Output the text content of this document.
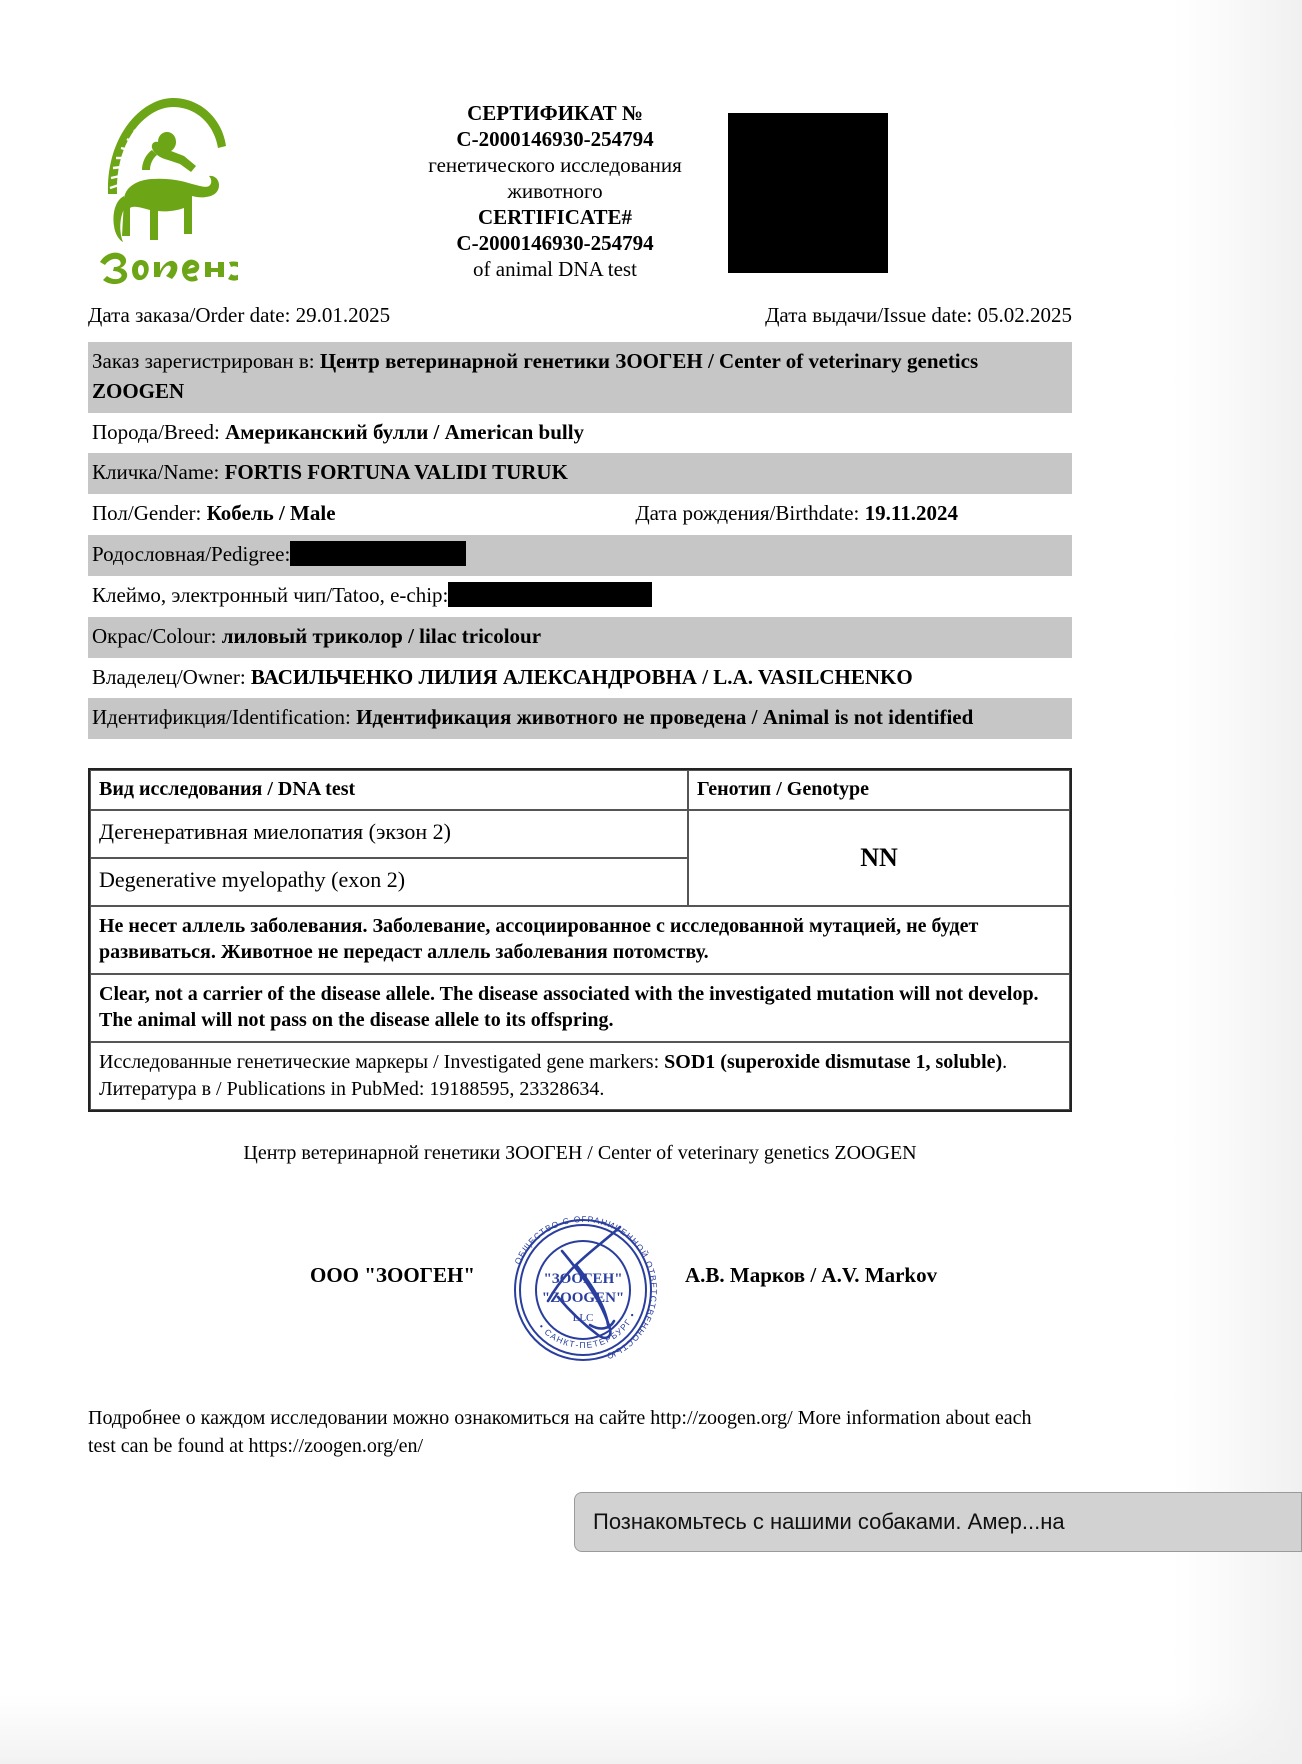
СЕРТИФИКАТ №
C-2000146930-254794
генетического исследования
животного
CERTIFICATE#
C-2000146930-254794
of animal DNA test
Дата заказа/Order date: 29.01.2025	Дата выдачи/Issue date: 05.02.2025
Заказ зарегистрирован в: Центр ветеринарной генетики ЗООГЕН / Center of veterinary genetics ZOOGEN
Порода/Breed: Американский булли / American bully
Кличка/Name: FORTIS FORTUNA VALIDI TURUK
Пол/Gender: Кобель / Male	Дата рождения/Birthdate: 19.11.2024
Родословная/Pedigree:
Клеймо, электронный чип/Tatoo, e-chip:
Окрас/Colour: лиловый триколор / lilac tricolour
Владелец/Owner: ВАСИЛЬЧЕНКО ЛИЛИЯ АЛЕКСАНДРОВНА / L.A. VASILCHENKO
Идентификция/Identification: Идентификация животного не проведена / Animal is not identified
Вид исследования / DNA test	Генотип / Genotype
Дегенеративная миелопатия (экзон 2)
Degenerative myelopathy (exon 2)
NN
Не несет аллель заболевания. Заболевание, ассоциированное с исследованной мутацией, не будет развиваться. Животное не передаст аллель заболевания потомству.
Clear, not a carrier of the disease allele. The disease associated with the investigated mutation will not develop. The animal will not pass on the disease allele to its offspring.
Исследованные генетические маркеры / Investigated gene markers: SOD1 (superoxide dismutase 1, soluble). Литература в / Publications in PubMed: 19188595, 23328634.
Центр ветеринарной генетики ЗООГЕН / Center of veterinary genetics ZOOGEN
ООО "ЗООГЕН"
ОБЩЕСТВО С ОГРАНИЧЕННОЙ ОТВЕТСТВЕННОСТЬЮ
• САНКТ-ПЕТЕРБУРГ •
"ЗООГЕН"
"ZOOGEN"
LLC
А.В. Марков / A.V. Markov
Подробнее о каждом исследовании можно ознакомиться на сайте http://zoogen.org/ More information about each test can be found at https://zoogen.org/en/
Познакомьтесь с нашими собаками. Амер...на
